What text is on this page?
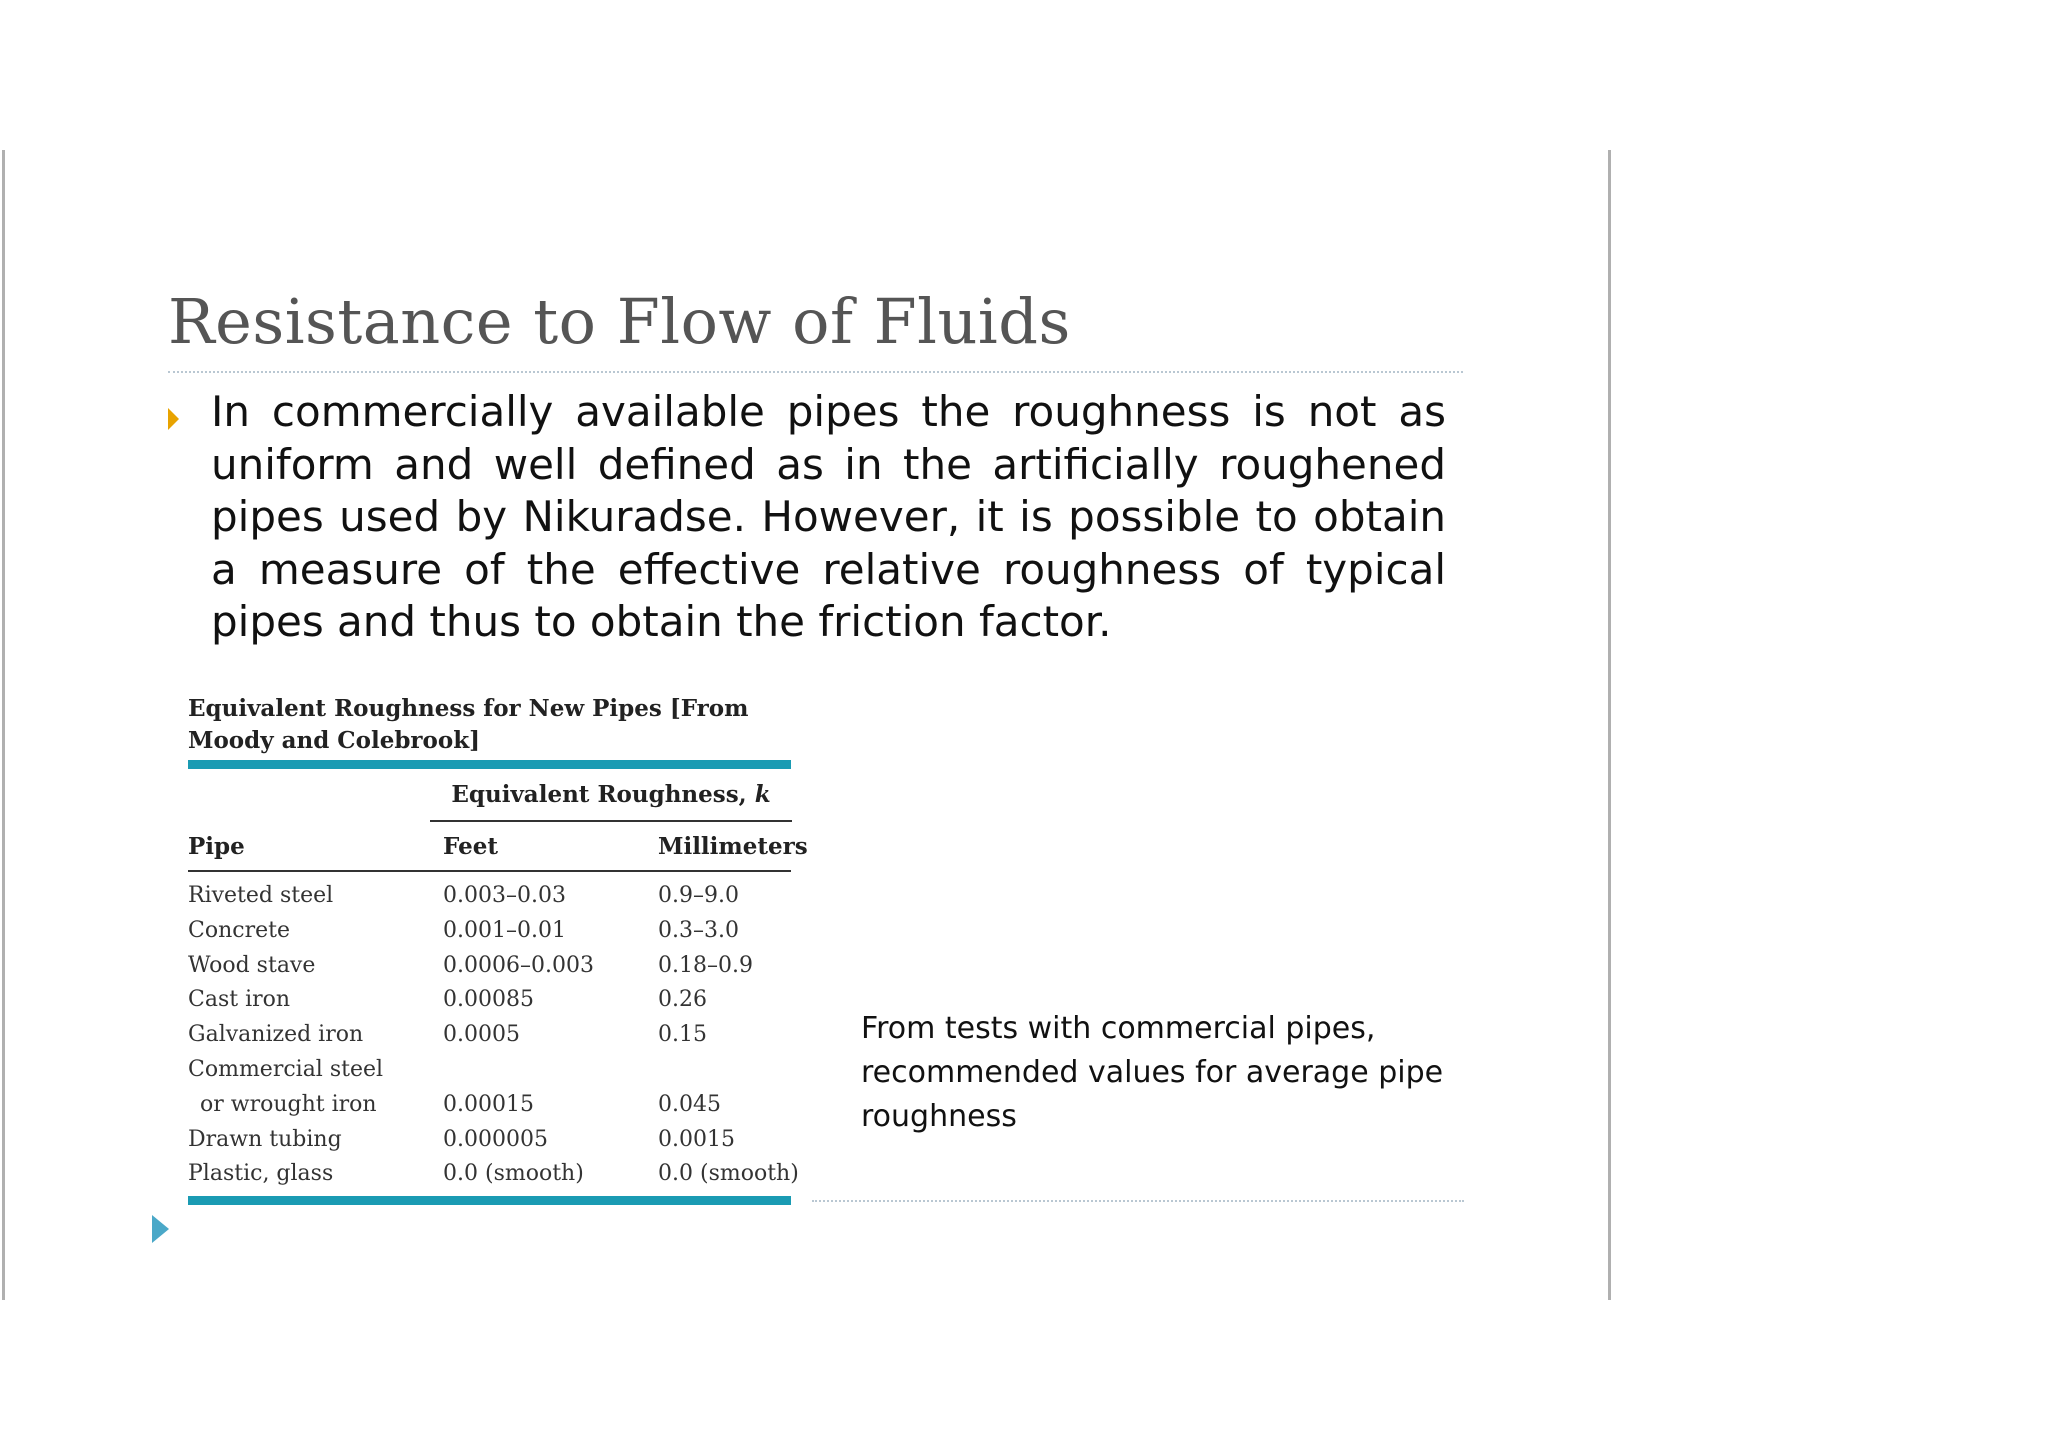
Resistance to Flow of Fluids

In commercially available pipes the roughness is not as uniform and well defined as in the artificially roughened pipes used by Nikuradse. However, it is possible to obtain a measure of the effective relative roughness of typical pipes and thus to obtain the friction factor.

Equivalent Roughness for New Pipes [From Moody and Colebrook]
Equivalent Roughness, k
Pipe	Feet	Millimeters
Riveted steel	0.003–0.03	0.9–9.0
Concrete	0.001–0.01	0.3–3.0
Wood stave	0.0006–0.003	0.18–0.9
Cast iron	0.00085	0.26
Galvanized iron	0.0005	0.15
Commercial steel
or wrought iron	0.00015	0.045
Drawn tubing	0.000005	0.0015
Plastic, glass	0.0 (smooth)	0.0 (smooth)
From tests with commercial pipes, recommended values for average pipe roughness
